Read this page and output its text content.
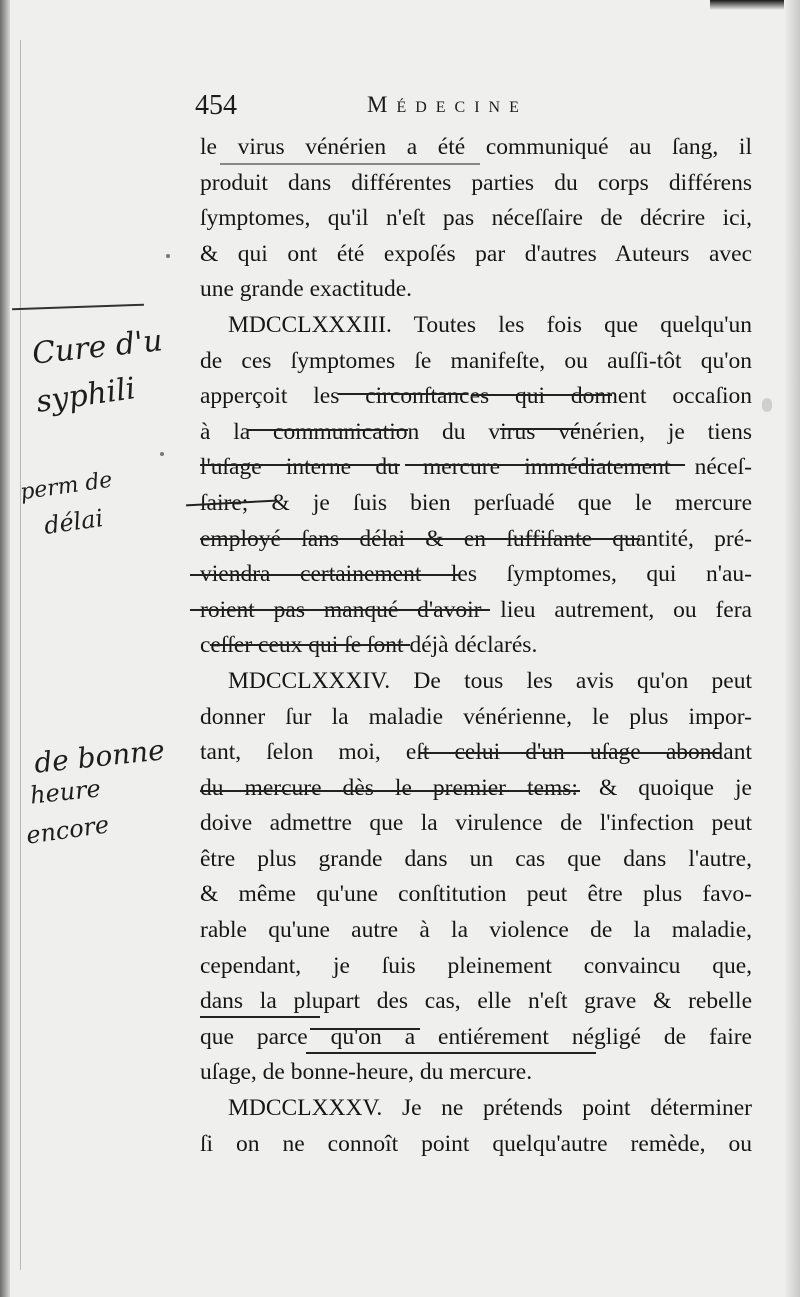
454	Médecine
le virus vénérien a été communiqué au ſang, il
produit dans différentes parties du corps différens
ſymptomes, qu'il n'eſt pas néceſſaire de décrire ici,
& qui ont été expoſés par d'autres Auteurs avec
une grande exactitude.
MDCCLXXXIII. Toutes les fois que quelqu'un
de ces ſymptomes ſe manifeſte, ou auſſi-tôt qu'on
apperçoit les circonſtances qui donnent occaſion
à la communication du virus vénérien, je tiens
l'uſage interne du mercure immédiatement néceſ-
ſaire; & je ſuis bien perſuadé que le mercure
employé ſans délai & en ſuffiſante quantité, pré-
viendra certainement les ſymptomes, qui n'au-
roient pas manqué d'avoir lieu autrement, ou fera
ceſſer ceux qui ſe ſont déjà déclarés.
MDCCLXXXIV. De tous les avis qu'on peut
donner ſur la maladie vénérienne, le plus impor-
tant, ſelon moi, eſt celui d'un uſage abondant
du mercure dès le premier tems: & quoique je
doive admettre que la virulence de l'infection peut
être plus grande dans un cas que dans l'autre,
& même qu'une conſtitution peut être plus favo-
rable qu'une autre à la violence de la maladie,
cependant, je ſuis pleinement convaincu que,
dans la plupart des cas, elle n'eſt grave & rebelle
que parce qu'on a entiérement négligé de faire
uſage, de bonne-heure, du mercure.
MDCCLXXXV. Je ne prétends point déterminer
ſi on ne connoît point quelqu'autre remède, ou
Cure d'u
syphili
perm de
délai
de bonne
heure
encore
